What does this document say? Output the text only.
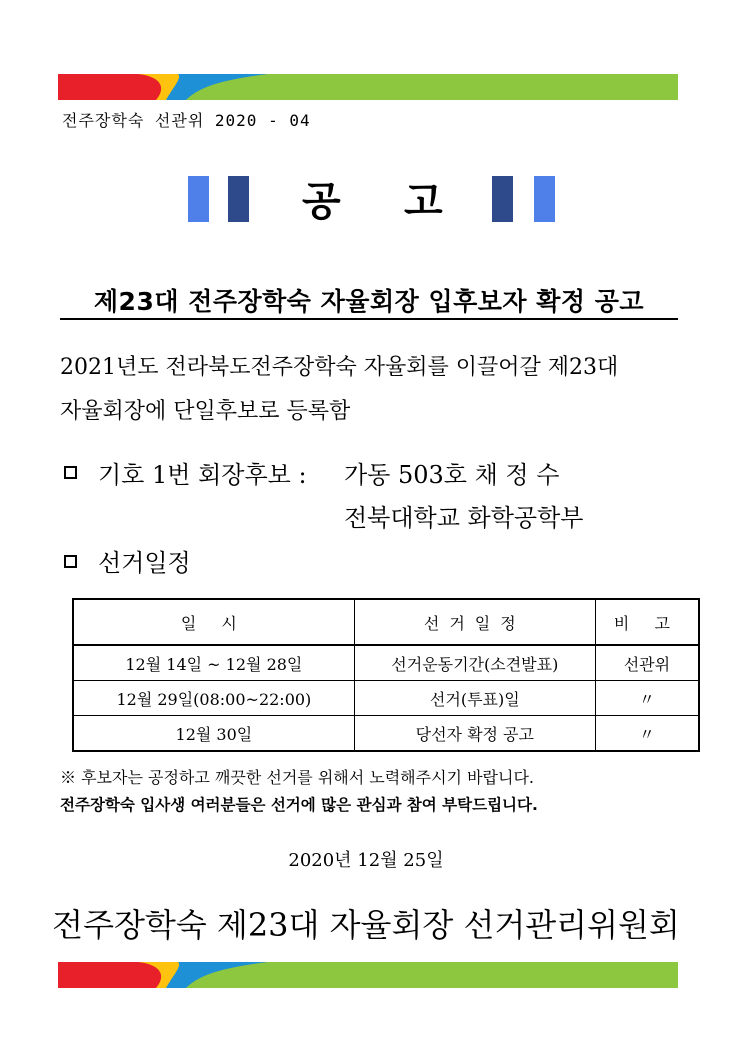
전주장학숙 선관위 2020 - 04
공 고
제23대 전주장학숙 자율회장 입후보자 확정 공고
2021년도 전라북도전주장학숙 자율회를 이끌어갈 제23대
자율회장에 단일후보로 등록함
기호 1번 회장후보 : 가동 503호 채 정 수
전북대학교 화학공학부
선거일정
일 시	선거일정	비 고
12월 14일 ~ 12월 28일	선거운동기간(소견발표)	선관위
12월 29일(08:00~22:00)	선거(투표)일	〃
12월 30일	당선자 확정 공고	〃
※ 후보자는 공정하고 깨끗한 선거를 위해서 노력해주시기 바랍니다.
전주장학숙 입사생 여러분들은 선거에 많은 관심과 참여 부탁드립니다.
2020년 12월 25일
전주장학숙 제23대 자율회장 선거관리위원회
